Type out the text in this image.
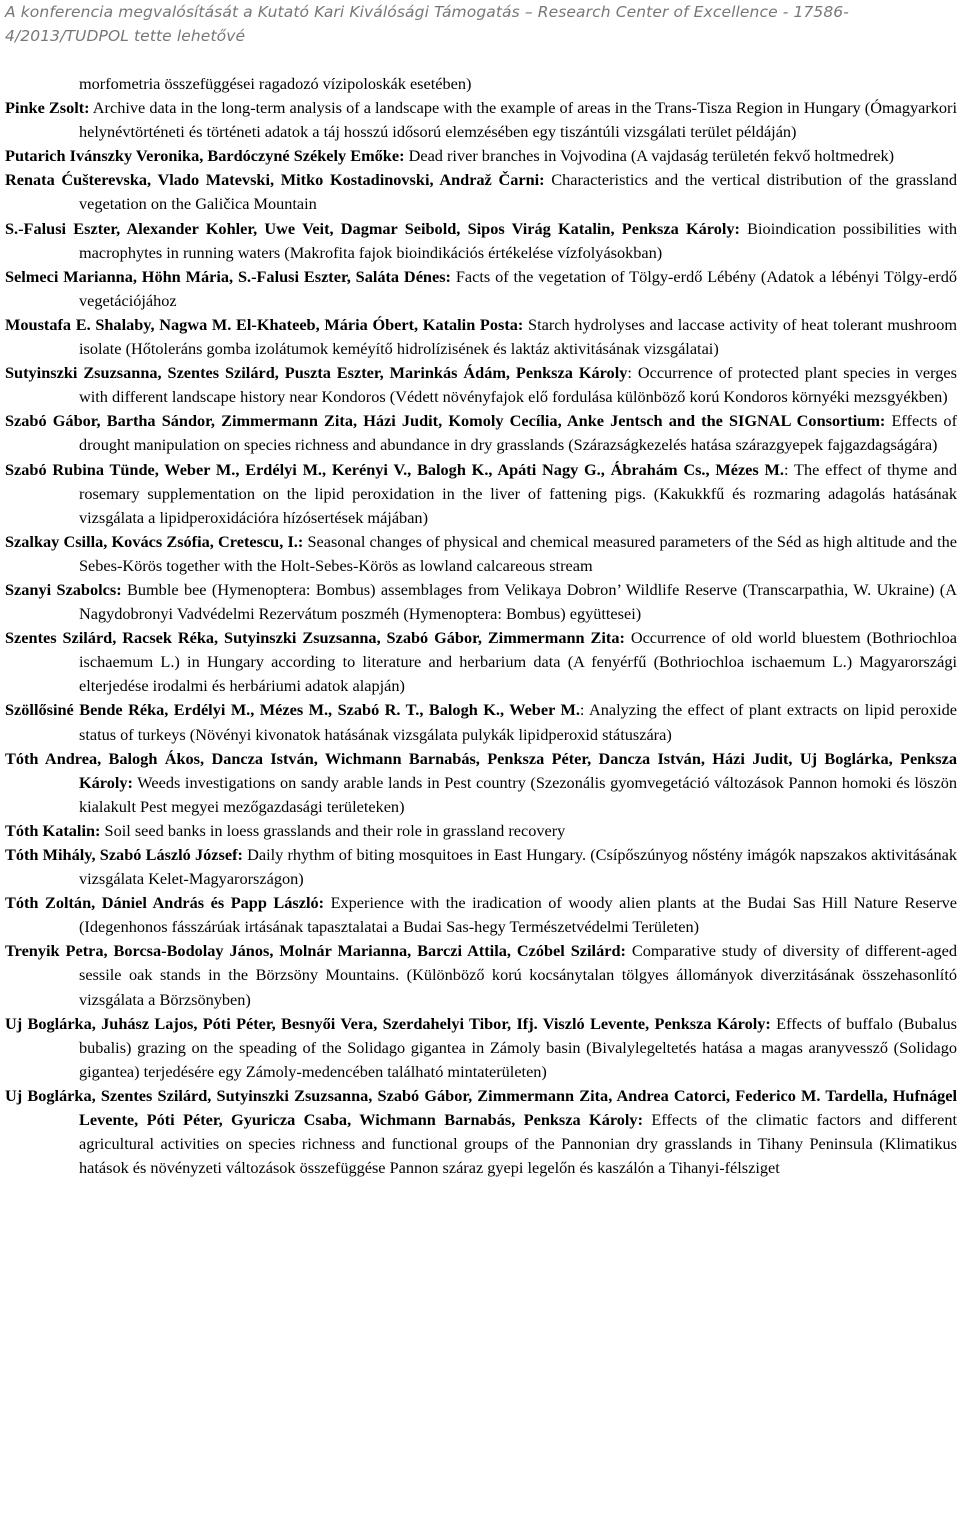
A konferencia megvalósítását a Kutató Kari Kiválósági Támogatás – Research Center of Excellence - 17586-4/2013/TUDPOL tette lehetővé

morfometria összefüggései ragadozó vízipoloskák esetében)

Pinke Zsolt: Archive data in the long-term analysis of a landscape with the example of areas in the Trans-Tisza Region in Hungary (Ómagyarkori helynévtörténeti és történeti adatok a táj hosszú idősorú elemzésében egy tiszántúli vizsgálati terület példáján)

Putarich Ivánszky Veronika, Bardóczyné Székely Emőke: Dead river branches in Vojvodina (A vajdaság területén fekvő holtmedrek)

Renata Ćušterevska, Vlado Matevski, Mitko Kostadinovski, Andraž Čarni: Characteristics and the vertical distribution of the grassland vegetation on the Galičica Mountain

S.-Falusi Eszter, Alexander Kohler, Uwe Veit, Dagmar Seibold, Sipos Virág Katalin, Penksza Károly: Bioindication possibilities with macrophytes in running waters (Makrofita fajok bioindikációs értékelése vízfolyásokban)

Selmeci Marianna, Höhn Mária, S.-Falusi Eszter, Saláta Dénes: Facts of the vegetation of Tölgy-erdő Lébény (Adatok a lébényi Tölgy-erdő vegetációjához

Moustafa E. Shalaby, Nagwa M. El-Khateeb, Mária Óbert, Katalin Posta: Starch hydrolyses and laccase activity of heat tolerant mushroom isolate (Hőtoleráns gomba izolátumok keméyítő hidrolízisének és laktáz aktivitásának vizsgálatai)

Sutyinszki Zsuzsanna, Szentes Szilárd, Puszta Eszter, Marinkás Ádám, Penksza Károly: Occurrence of protected plant species in verges with different landscape history near Kondoros (Védett növényfajok elő fordulása különböző korú Kondoros környéki mezsgyékben)

Szabó Gábor, Bartha Sándor, Zimmermann Zita, Házi Judit, Komoly Cecília, Anke Jentsch and the SIGNAL Consortium: Effects of drought manipulation on species richness and abundance in dry grasslands (Szárazságkezelés hatása szárazgyepek fajgazdagságára)

Szabó Rubina Tünde, Weber M., Erdélyi M., Kerényi V., Balogh K., Apáti Nagy G., Ábrahám Cs., Mézes M.: The effect of thyme and rosemary supplementation on the lipid peroxidation in the liver of fattening pigs. (Kakukkfű és rozmaring adagolás hatásának vizsgálata a lipidperoxidációra hízósertések májában)

Szalkay Csilla, Kovács Zsófia, Cretescu, I.: Seasonal changes of physical and chemical measured parameters of the Séd as high altitude and the Sebes-Körös together with the Holt-Sebes-Körös as lowland calcareous stream

Szanyi Szabolcs: Bumble bee (Hymenoptera: Bombus) assemblages from Velikaya Dobron’ Wildlife Reserve (Transcarpathia, W. Ukraine) (A Nagydobronyi Vadvédelmi Rezervátum poszméh (Hymenoptera: Bombus) együttesei)

Szentes Szilárd, Racsek Réka, Sutyinszki Zsuzsanna, Szabó Gábor, Zimmermann Zita: Occurrence of old world bluestem (Bothriochloa ischaemum L.) in Hungary according to literature and herbarium data (A fenyérfű (Bothriochloa ischaemum L.) Magyarországi elterjedése irodalmi és herbáriumi adatok alapján)

Szöllősiné Bende Réka, Erdélyi M., Mézes M., Szabó R. T., Balogh K., Weber M.: Analyzing the effect of plant extracts on lipid peroxide status of turkeys (Növényi kivonatok hatásának vizsgálata pulykák lipidperoxid státuszára)

Tóth Andrea, Balogh Ákos, Dancza István, Wichmann Barnabás, Penksza Péter, Dancza István, Házi Judit, Uj Boglárka, Penksza Károly: Weeds investigations on sandy arable lands in Pest country (Szezonális gyomvegetáció változások Pannon homoki és löszön kialakult Pest megyei mezőgazdasági területeken)

Tóth Katalin: Soil seed banks in loess grasslands and their role in grassland recovery

Tóth Mihály, Szabó László József: Daily rhythm of biting mosquitoes in East Hungary. (Csípőszúnyog nőstény imágók napszakos aktivitásának vizsgálata Kelet-Magyarországon)

Tóth Zoltán, Dániel András és Papp László: Experience with the iradication of woody alien plants at the Budai Sas Hill Nature Reserve (Idegenhonos fásszárúak irtásának tapasztalatai a Budai Sas-hegy Természetvédelmi Területen)

Trenyik Petra, Borcsa-Bodolay János, Molnár Marianna, Barczi Attila, Czóbel Szilárd: Comparative study of diversity of different-aged sessile oak stands in the Börzsöny Mountains. (Különböző korú kocsánytalan tölgyes állományok diverzitásának összehasonlító vizsgálata a Börzsönyben)

Uj Boglárka, Juhász Lajos, Póti Péter, Besnyői Vera, Szerdahelyi Tibor, Ifj. Viszló Levente, Penksza Károly: Effects of buffalo (Bubalus bubalis) grazing on the speading of the Solidago gigantea in Zámoly basin (Bivalylegeltetés hatása a magas aranyvessző (Solidago gigantea) terjedésére egy Zámoly-medencében található mintaterületen)

Uj Boglárka, Szentes Szilárd, Sutyinszki Zsuzsanna, Szabó Gábor, Zimmermann Zita, Andrea Catorci, Federico M. Tardella, Hufnágel Levente, Póti Péter, Gyuricza Csaba, Wichmann Barnabás, Penksza Károly: Effects of the climatic factors and different agricultural activities on species richness and functional groups of the Pannonian dry grasslands in Tihany Peninsula (Klimatikus hatások és növényzeti változások összefüggése Pannon száraz gyepi legelőn és kaszálón a Tihanyi-félsziget
